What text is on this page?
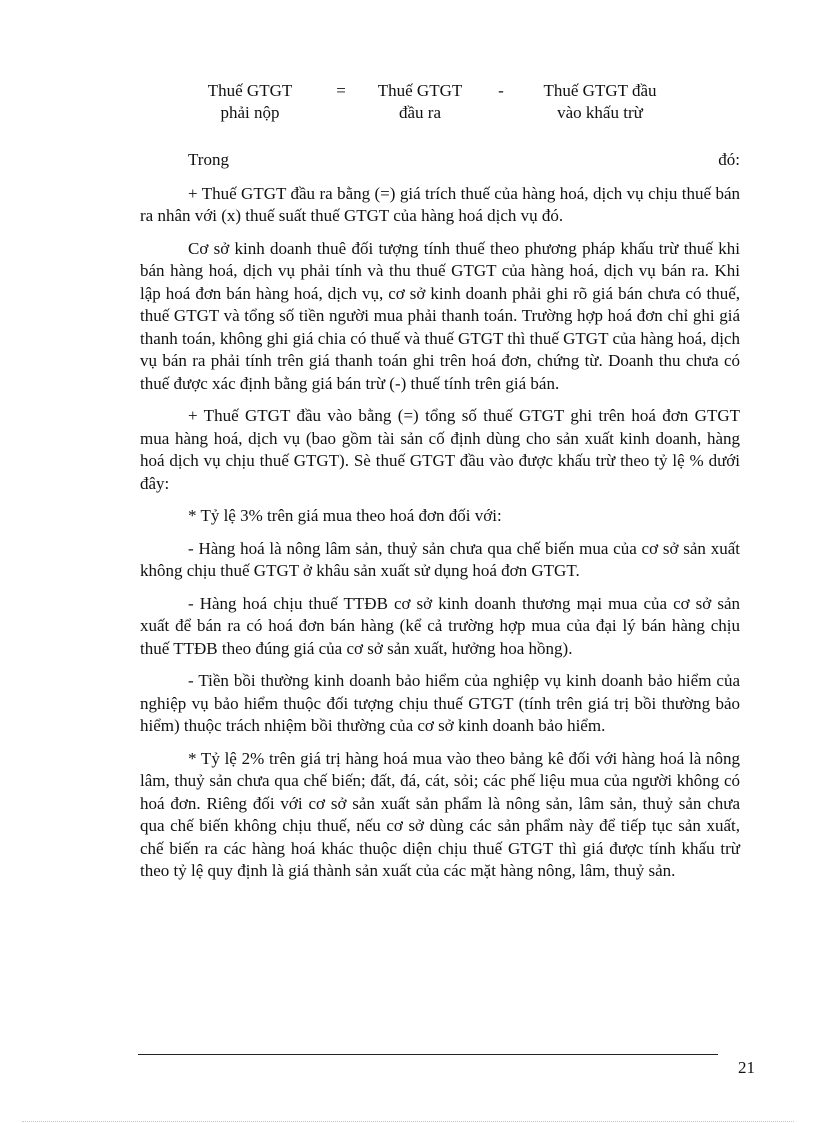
Thuế GTGT
phải nộp
=	Thuế GTGT
đầu ra
-	Thuế GTGT đầu
vào khấu trừ

Trong	đó:

+ Thuế GTGT đầu ra bằng (=) giá trích thuế của hàng hoá, dịch vụ chịu thuế bán ra nhân với (x) thuế suất thuế GTGT của hàng hoá dịch vụ đó.

Cơ sở kinh doanh thuê đối tượng tính thuế theo phương pháp khấu trừ thuế khi bán hàng hoá, dịch vụ phải tính và thu thuế GTGT của hàng hoá, dịch vụ bán ra. Khi lập hoá đơn bán hàng hoá, dịch vụ, cơ sở kinh doanh phải ghi rõ giá bán chưa có thuế, thuế GTGT và tổng số tiền người mua phải thanh toán. Trường hợp hoá đơn chỉ ghi giá thanh toán, không ghi giá chia có thuế và thuế GTGT thì thuế GTGT của hàng hoá, dịch vụ bán ra phải tính trên giá thanh toán ghi trên hoá đơn, chứng từ. Doanh thu chưa có thuế được xác định bằng giá bán trừ (-) thuế tính trên giá bán.

+ Thuế GTGT đầu vào bằng (=) tổng số thuế GTGT ghi trên hoá đơn GTGT mua hàng hoá, dịch vụ (bao gồm tài sản cố định dùng cho sản xuất kinh doanh, hàng hoá dịch vụ chịu thuế GTGT). Sè thuế GTGT đầu vào được khấu trừ theo tỷ lệ % dưới đây:

* Tỷ lệ 3% trên giá mua theo hoá đơn đối với:

- Hàng hoá là nông lâm sản, thuỷ sản chưa qua chế biến mua của cơ sở sản xuất không chịu thuế GTGT ở khâu sản xuất sử dụng hoá đơn GTGT.

- Hàng hoá chịu thuế TTĐB cơ sở kinh doanh thương mại mua của cơ sở sản xuất để bán ra có hoá đơn bán hàng (kể cả trường hợp mua của đại lý bán hàng chịu thuế TTĐB theo đúng giá của cơ sở sản xuất, hưởng hoa hồng).

- Tiền bồi thường kinh doanh bảo hiểm của nghiệp vụ kinh doanh bảo hiểm của nghiệp vụ bảo hiểm thuộc đối tượng chịu thuế GTGT (tính trên giá trị bồi thường bảo hiểm) thuộc trách nhiệm bồi thường của cơ sở kinh doanh bảo hiểm.

* Tỷ lệ 2% trên giá trị hàng hoá mua vào theo bảng kê đối với hàng hoá là nông lâm, thuỷ sản chưa qua chế biến; đất, đá, cát, sỏi; các phế liệu mua của người không có hoá đơn. Riêng đối với cơ sở sản xuất sản phẩm là nông sản, lâm sản, thuỷ sản chưa qua chế biến không chịu thuế, nếu cơ sở dùng các sản phẩm này để tiếp tục sản xuất, chế biến ra các hàng hoá khác thuộc diện chịu thuế GTGT thì giá được tính khấu trừ theo tỷ lệ quy định là giá thành sản xuất của các mặt hàng nông, lâm, thuỷ sản.

21
